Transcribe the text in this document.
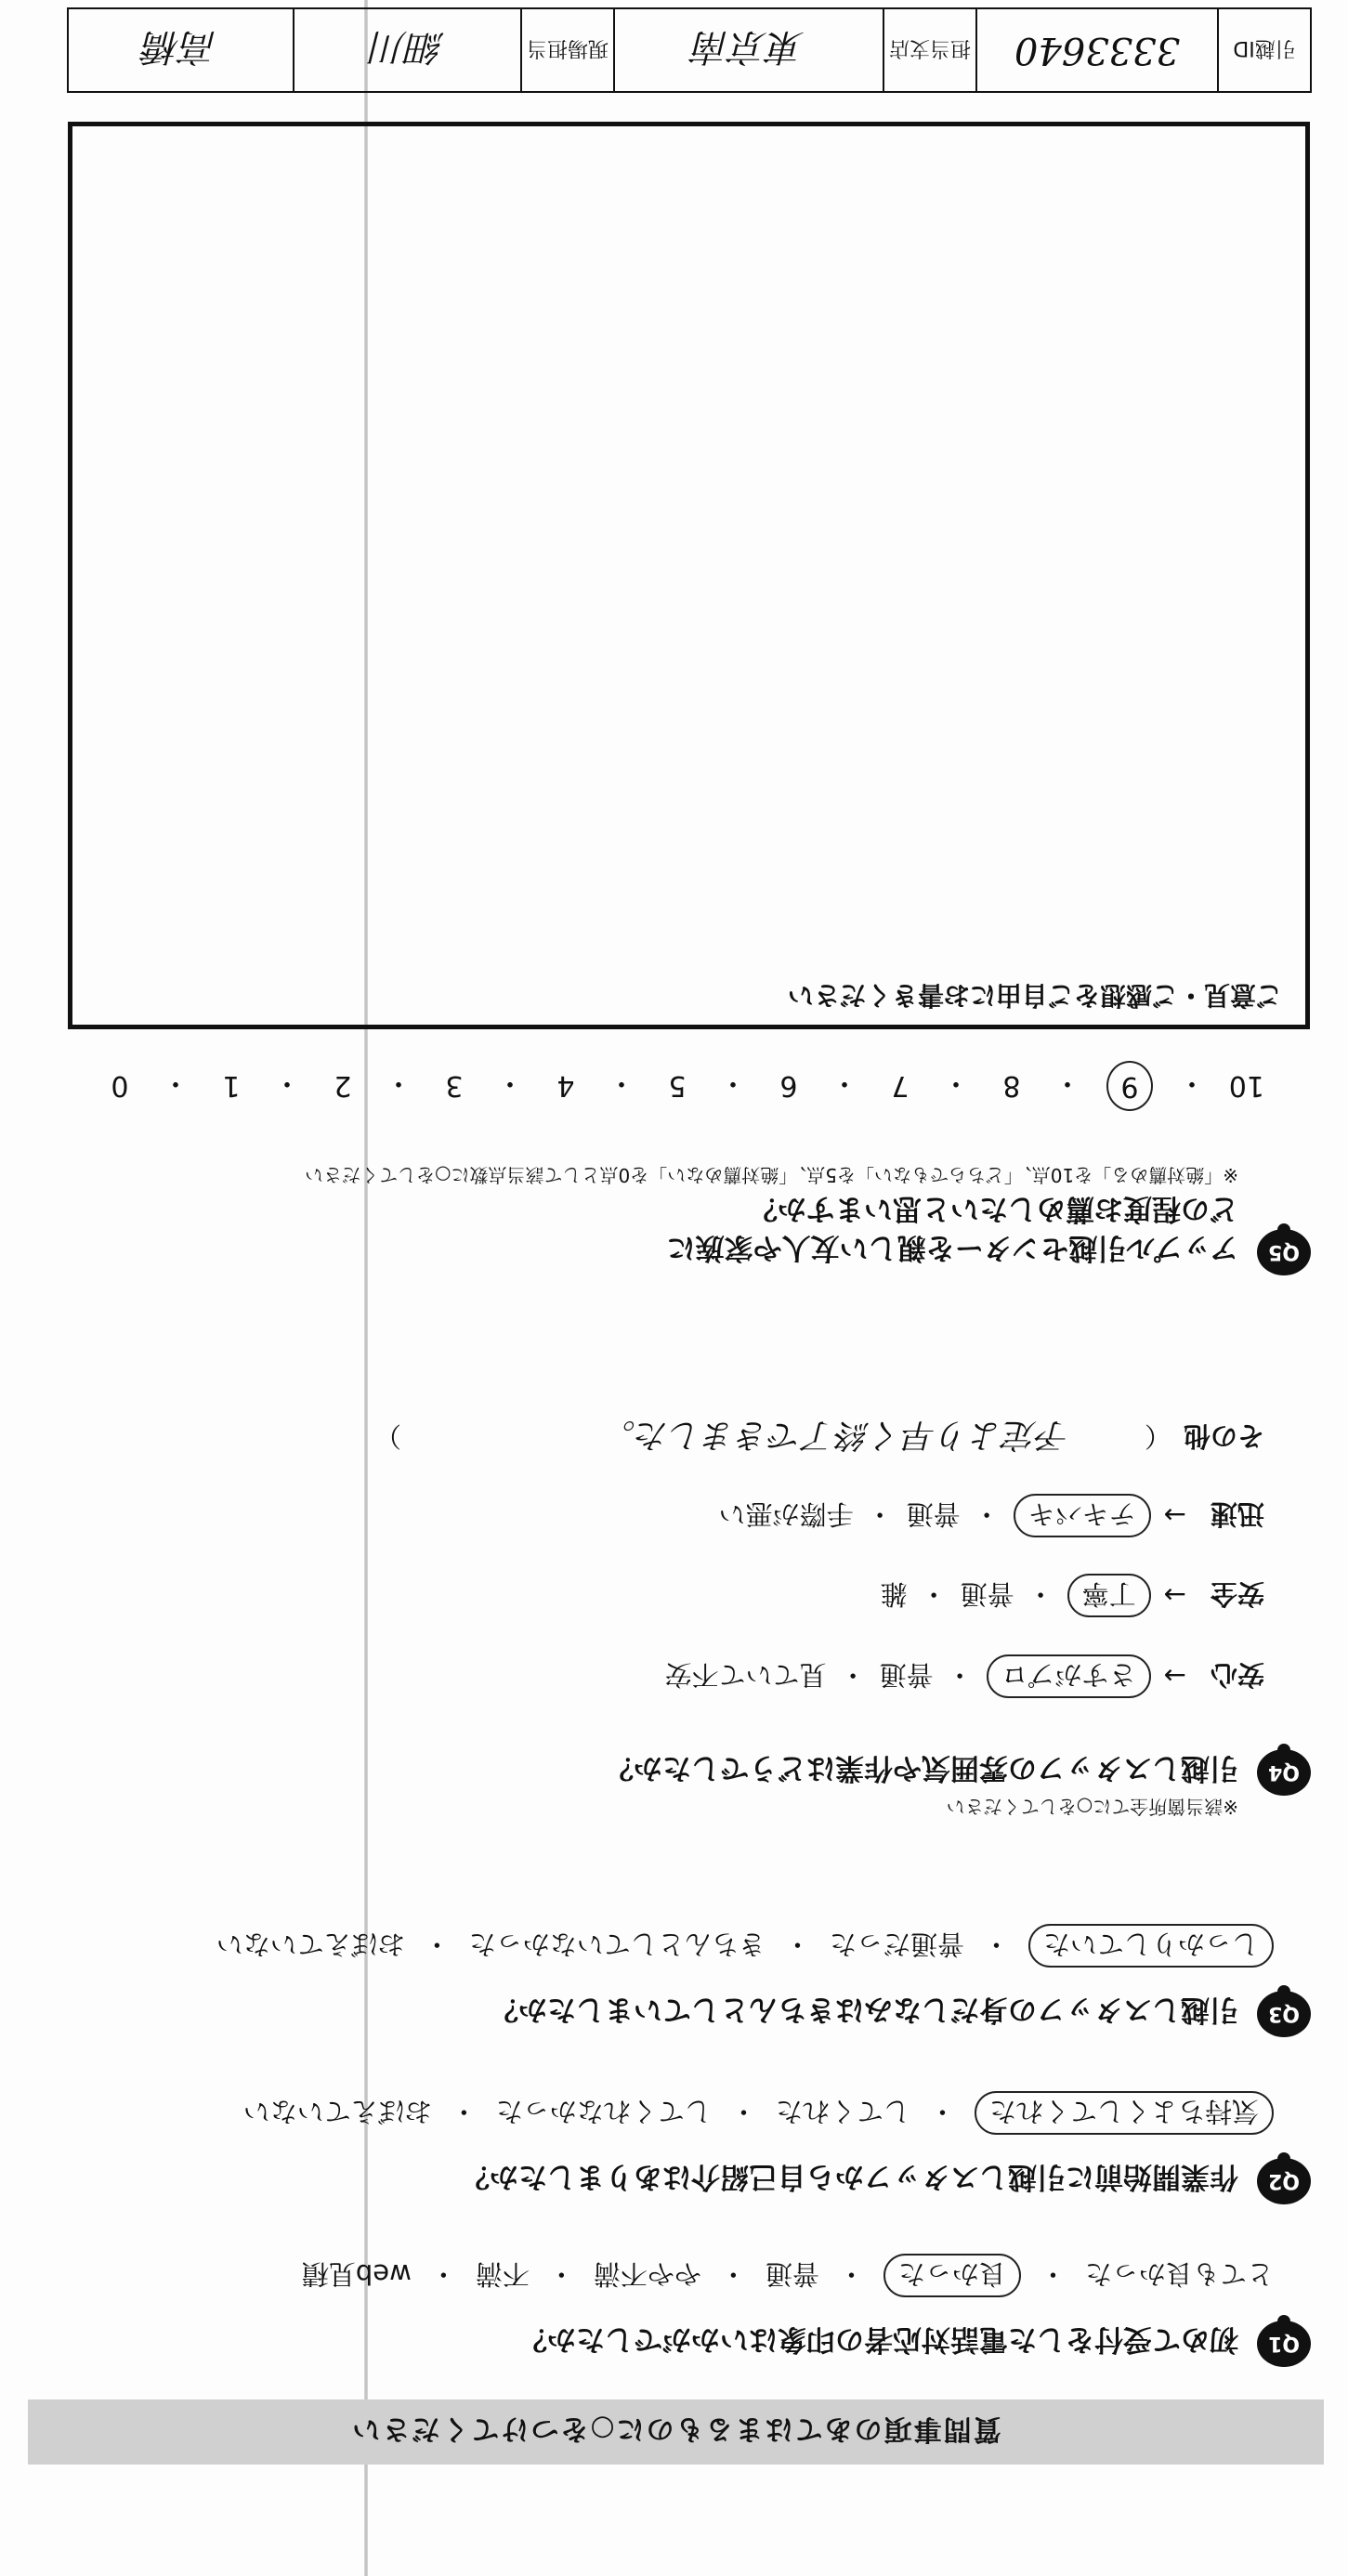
質問事項のあてはまるものに○をつけてください
Q1
初めて受付をした電話対応者の印象はいかがでしたか？
とても良かった
・
良かった
・
普通
・
やや不満
・
不満
・
web見積
Q2
作業開始前に引越しスタッフから自己紹介はありましたか？
気持ちよくしてくれた
・
してくれた
・
してくれなかった
・
おぼえていない
Q3
引越しスタッフの身だしなみはきちんとしていましたか？
しっかりしていた
・
普通だった
・
きちんとしていなかった
・
おぼえていない
Q4
引越しスタッフの雰囲気や作業はどうでしたか？
※該当箇所全てに○をしてください
安心
→
さすがプロ
・
普通
・
見ていて不安
安全
→
丁寧
・
普通
・
雑
迅速
→
テキパキ
・
普通
・
手際が悪い
その他
（
予定より早く終了できました。
）
Q5
アップル引越センターを親しい友人や家族に
どの程度お薦めしたいと思いますか？
※「絶対薦める」を10点、「どちらでもない」を5点、「絶対薦めない」を0点として該当点数に○をしてください
10
・
9
・
8
・
7
・
6
・
5
・
4
・
3
・
2
・
1
・
0
ご意見・ご感想をご自由にお書きください
引越ID
3333640
担当支店
東京南
現場担当
細川
高橋
